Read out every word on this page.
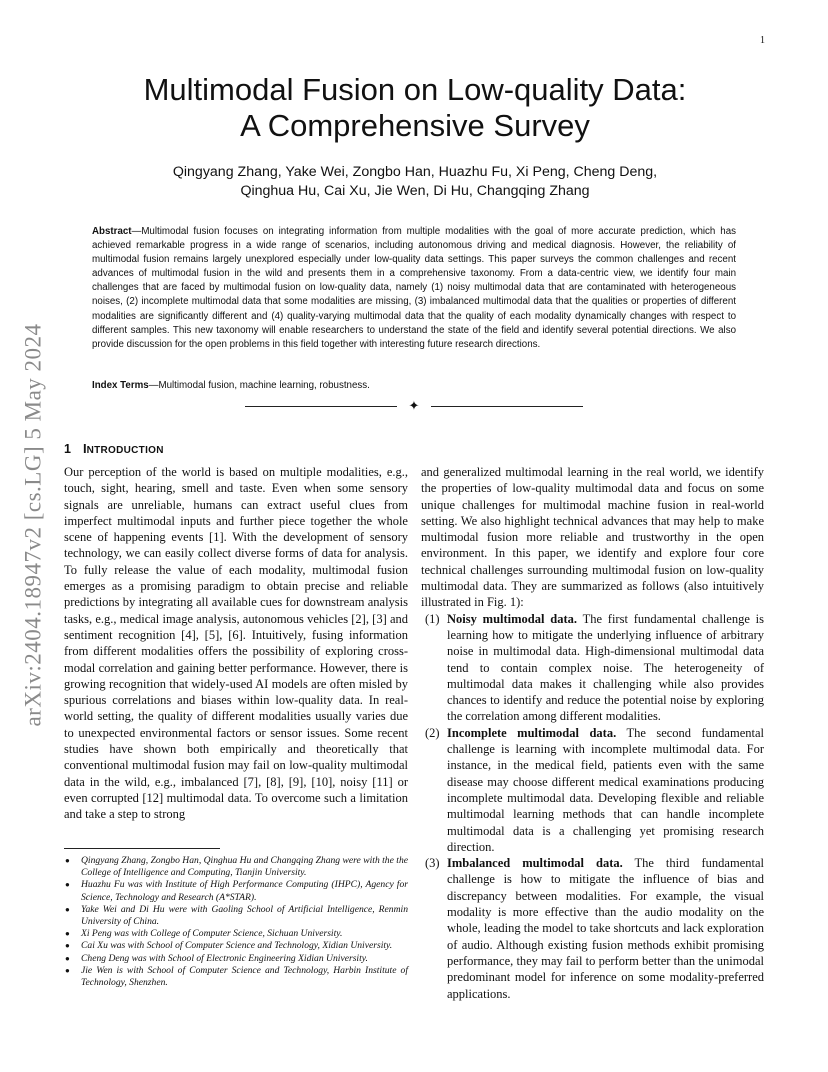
1
arXiv:2404.18947v2 [cs.LG] 5 May 2024
Multimodal Fusion on Low-quality Data:
A Comprehensive Survey
Qingyang Zhang, Yake Wei, Zongbo Han, Huazhu Fu, Xi Peng, Cheng Deng,
Qinghua Hu, Cai Xu, Jie Wen, Di Hu, Changqing Zhang
Abstract—Multimodal fusion focuses on integrating information from multiple modalities with the goal of more accurate prediction, which has achieved remarkable progress in a wide range of scenarios, including autonomous driving and medical diagnosis. However, the reliability of multimodal fusion remains largely unexplored especially under low-quality data settings. This paper surveys the common challenges and recent advances of multimodal fusion in the wild and presents them in a comprehensive taxonomy. From a data-centric view, we identify four main challenges that are faced by multimodal fusion on low-quality data, namely (1) noisy multimodal data that are contaminated with heterogeneous noises, (2) incomplete multimodal data that some modalities are missing, (3) imbalanced multimodal data that the qualities or properties of different modalities are significantly different and (4) quality-varying multimodal data that the quality of each modality dynamically changes with respect to different samples. This new taxonomy will enable researchers to understand the state of the field and identify several potential directions. We also provide discussion for the open problems in this field together with interesting future research directions.
Index Terms—Multimodal fusion, machine learning, robustness.
✦
1 INTRODUCTION

Our perception of the world is based on multiple modalities, e.g., touch, sight, hearing, smell and taste. Even when some sensory signals are unreliable, humans can extract useful clues from imperfect multimodal inputs and further piece together the whole scene of happening events [1]. With the development of sensory technology, we can easily collect diverse forms of data for analysis. To fully release the value of each modality, multimodal fusion emerges as a promising paradigm to obtain precise and reliable predictions by integrating all available cues for downstream analysis tasks, e.g., medical image analysis, autonomous vehicles [2], [3] and sentiment recognition [4], [5], [6]. Intuitively, fusing information from different modalities offers the possibility of exploring cross-modal correlation and gaining better performance. However, there is growing recognition that widely-used AI models are often misled by spurious correlations and biases within low-quality data. In real-world setting, the quality of different modalities usually varies due to unexpected environmental factors or sensor issues. Some recent studies have shown both empirically and theoretically that conventional multimodal fusion may fail on low-quality multimodal data in the wild, e.g., imbalanced [7], [8], [9], [10], noisy [11] or even corrupted [12] multimodal data. To overcome such a limitation and take a step to strong

and generalized multimodal learning in the real world, we identify the properties of low-quality multimodal data and focus on some unique challenges for multimodal machine fusion in real-world setting. We also highlight technical advances that may help to make multimodal fusion more reliable and trustworthy in the open environment. In this paper, we identify and explore four core technical challenges surrounding multimodal fusion on low-quality multimodal data. They are summarized as follows (also intuitively illustrated in Fig. 1):

(1) Noisy multimodal data. The first fundamental challenge is learning how to mitigate the underlying influence of arbitrary noise in multimodal data. High-dimensional multimodal data tend to contain complex noise. The heterogeneity of multimodal data makes it challenging while also provides chances to identify and reduce the potential noise by exploring the correlation among different modalities.
(2) Incomplete multimodal data. The second fundamental challenge is learning with incomplete multimodal data. For instance, in the medical field, patients even with the same disease may choose different medical examinations producing incomplete multimodal data. Developing flexible and reliable multimodal learning methods that can handle incomplete multimodal data is a challenging yet promising research direction.
(3) Imbalanced multimodal data. The third fundamental challenge is how to mitigate the influence of bias and discrepancy between modalities. For example, the visual modality is more effective than the audio modality on the whole, leading the model to take shortcuts and lack exploration of audio. Although existing fusion methods exhibit promising performance, they may fail to perform better than the unimodal predominant model for inference on some modality-preferred applications.
●	Qingyang Zhang, Zongbo Han, Qinghua Hu and Changqing Zhang were with the the College of Intelligence and Computing, Tianjin University.
●	Huazhu Fu was with Institute of High Performance Computing (IHPC), Agency for Science, Technology and Research (A*STAR).
●	Yake Wei and Di Hu were with Gaoling School of Artificial Intelligence, Renmin University of China.
●	Xi Peng was with College of Computer Science, Sichuan University.
●	Cai Xu was with School of Computer Science and Technology, Xidian University.
●	Cheng Deng was with School of Electronic Engineering Xidian University.
●	Jie Wen is with School of Computer Science and Technology, Harbin Institute of Technology, Shenzhen.
